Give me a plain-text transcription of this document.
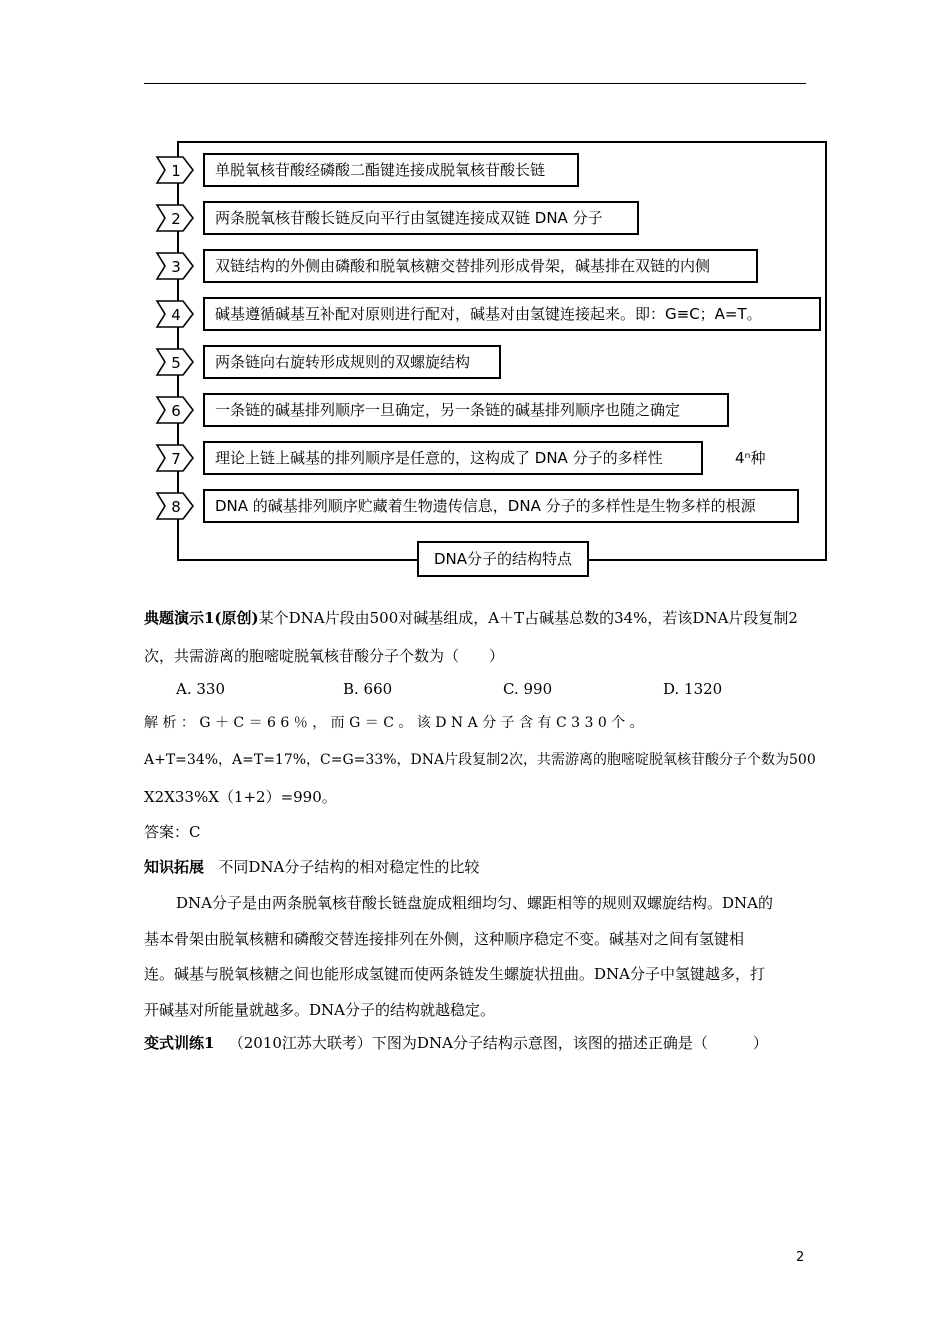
1	单脱氧核苷酸经磷酸二酯键连接成脱氧核苷酸长链
2	两条脱氧核苷酸长链反向平行由氢键连接成双链 DNA 分子
3	双链结构的外侧由磷酸和脱氧核糖交替排列形成骨架，碱基排在双链的内侧
4	碱基遵循碱基互补配对原则进行配对，碱基对由氢键连接起来。即：G≡C；A=T。
5	两条链向右旋转形成规则的双螺旋结构
6	一条链的碱基排列顺序一旦确定，另一条链的碱基排列顺序也随之确定
7	理论上链上碱基的排列顺序是任意的，这构成了 DNA 分子的多样性	4ⁿ种
8	DNA 的碱基排列顺序贮藏着生物遗传信息，DNA 分子的多样性是生物多样的根源
DNA分子的结构特点
典题演示1(原创)某个DNA片段由500对碱基组成，A＋T占碱基总数的34%，若该DNA片段复制2
次，共需游离的胞嘧啶脱氧核苷酸分子个数为（　　）
A. 330	B. 660	C. 990	D. 1320
解 析 ： G ＋ C ＝ 6 6 ％ ， 而 G ＝ C 。 该 D N A 分 子 含 有 C 3 3 0 个 。
A+T=34%，A=T=17%，C=G=33%，DNA片段复制2次，共需游离的胞嘧啶脱氧核苷酸分子个数为500
X2X33%X（1+2）=990。
答案：C
知识拓展 不同DNA分子结构的相对稳定性的比较
DNA分子是由两条脱氧核苷酸长链盘旋成粗细均匀、螺距相等的规则双螺旋结构。DNA的
基本骨架由脱氧核糖和磷酸交替连接排列在外侧，这种顺序稳定不变。碱基对之间有氢键相
连。碱基与脱氧核糖之间也能形成氢键而使两条链发生螺旋状扭曲。DNA分子中氢键越多，打
开碱基对所能量就越多。DNA分子的结构就越稳定。
变式训练1 （2010江苏大联考）下图为DNA分子结构示意图，该图的描述正确是（　　　）
2
